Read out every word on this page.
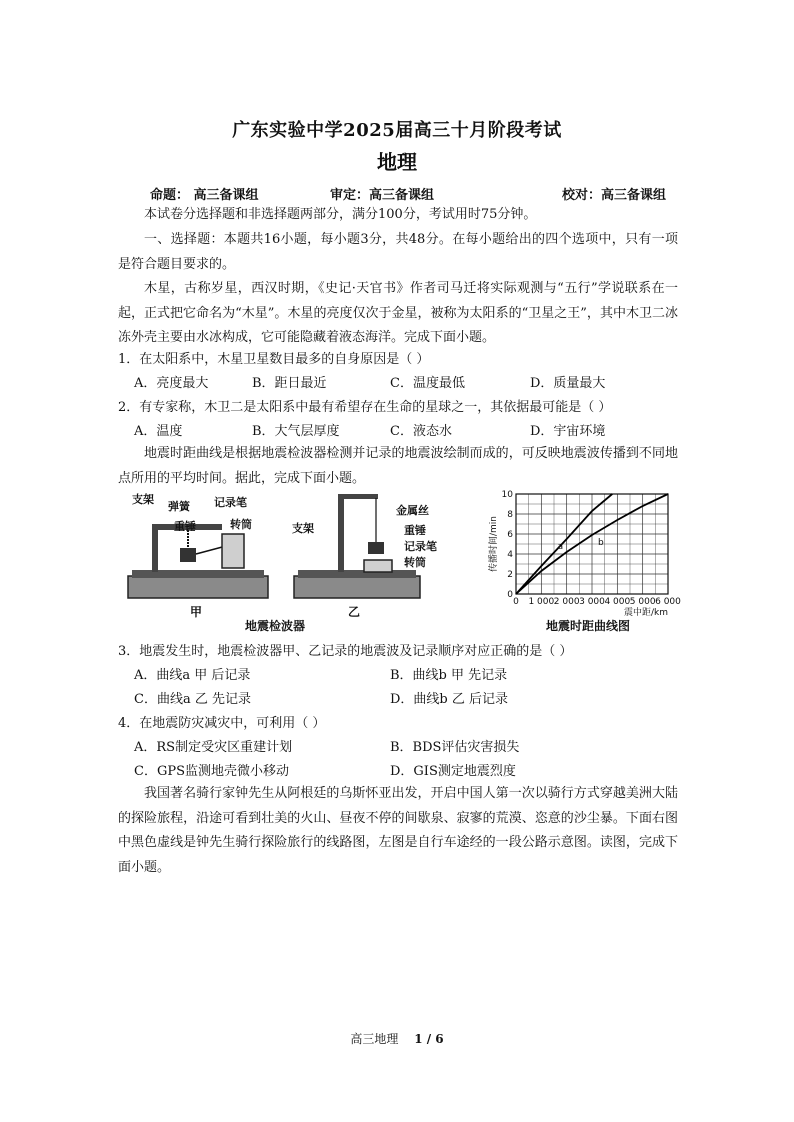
广东实验中学2025届高三十月阶段考试
地理
命题： 高三备课组	审定：高三备课组	校对：高三备课组
本试卷分选择题和非选择题两部分，满分100分，考试用时75分钟。
一、选择题：本题共16小题，每小题3分，共48分。在每小题给出的四个选项中，只有一项是符合题目要求的。
木星，古称岁星，西汉时期，《史记·天官书》作者司马迁将实际观测与“五行”学说联系在一起，正式把它命名为“木星”。木星的亮度仅次于金星，被称为太阳系的“卫星之王”，其中木卫二冰冻外壳主要由水冰构成，它可能隐藏着液态海洋。完成下面小题。
1．在太阳系中，木星卫星数目最多的自身原因是（ ）
A．亮度最大	B．距日最近	C．温度最低	D．质量最大
2．有专家称，木卫二是太阳系中最有希望存在生命的星球之一，其依据最可能是（ ）
A．温度	B．大气层厚度	C．液态水	D．宇宙环境
地震时距曲线是根据地震检波器检测并记录的地震波绘制而成的，可反映地震波传播到不同地点所用的平均时间。据此，完成下面小题。
支架
弹簧 记录笔
重锤	转筒
甲
地震检波器
支架
金属丝
重锤
记录笔
转筒
乙
0 1 000 2 000 3 000 4 000 5 000 6 000
0
2
4
6
8
10
a	b
传播时间/min
震中距/km
地震时距曲线图
3．地震发生时，地震检波器甲、乙记录的地震波及记录顺序对应正确的是（ ）
A．曲线a 甲 后记录	B．曲线b 甲 先记录
C．曲线a 乙 先记录	D．曲线b 乙 后记录
4．在地震防灾减灾中，可利用（ ）
A．RS制定受灾区重建计划	B．BDS评估灾害损失
C．GPS监测地壳微小移动	D．GIS测定地震烈度
我国著名骑行家钟先生从阿根廷的乌斯怀亚出发，开启中国人第一次以骑行方式穿越美洲大陆的探险旅程，沿途可看到壮美的火山、昼夜不停的间歇泉、寂寥的荒漠、恣意的沙尘暴。下面右图中黑色虚线是钟先生骑行探险旅行的线路图，左图是自行车途经的一段公路示意图。读图，完成下面小题。
高三地理 1 / 6
